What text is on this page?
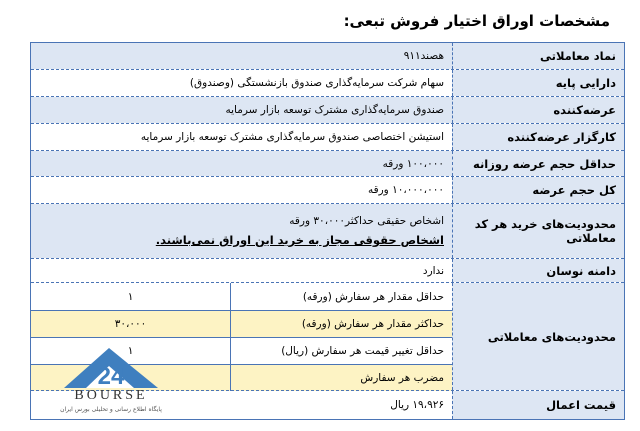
مشخصات اوراق اختیار فروش تبعی:
نماد معاملاتی
هصند۹۱۱
دارایی پایه
سهام شرکت سرمایه‌گذاری صندوق بازنشستگی (وصندوق)
عرضه‌کننده
صندوق سرمایه‌گذاری مشترک توسعه بازار سرمایه
کارگزار عرضه‌کننده
استیشن اختصاصی صندوق سرمایه‌گذاری مشترک توسعه بازار سرمایه
حداقل حجم عرضه روزانه
۱۰۰،۰۰۰ ورقه
کل حجم عرضه
۱۰،۰۰۰،۰۰۰ ورقه
محدودیت‌های خرید هر کد معاملاتی
اشخاص حقیقی حداکثر۳۰،۰۰۰ ورقه
اشخاص حقوقی مجاز به خرید این اوراق نمی‌باشند.
دامنه نوسان
ندارد
محدودیت‌های معاملاتی
حداقل مقدار هر سفارش (ورقه)
۱
حداکثر مقدار هر سفارش (ورقه)
۳۰،۰۰۰
حداقل تغییر قیمت هر سفارش (ریال)
۱
مضرب هر سفارش
قیمت اعمال
۱۹،۹۲۶ ریال
24
BOURSE
پایگاه اطلاع رسانی و تحلیلی بورس ایران
